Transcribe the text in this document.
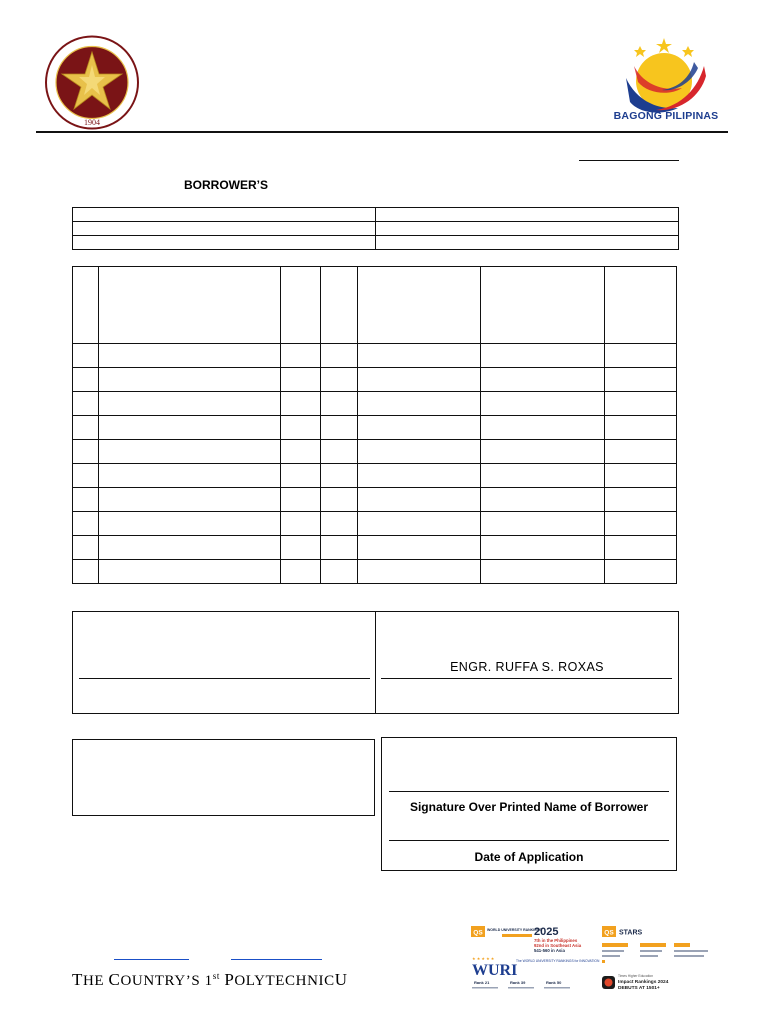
1904
BAGONG PILIPINAS
BORROWER’S

ENGR. RUFFA S. ROXAS
Signature Over Printed Name of Borrower
Date of Application
THE COUNTRY’S 1st POLYTECHNICU
QS WORLD UNIVERSITY RANKINGS
2025
7th in the Philippines
92nd in Southeast Asia
541-560 in Asia
QS STARS
★ ★ ★ ★ ★
WURI
The WORLD UNIVERSITY RANKINGS for INNOVATION
Rank 21	Rank 39	Rank 50
Times Higher Education
Impact Rankings 2024
DEBUTS AT 1501+
